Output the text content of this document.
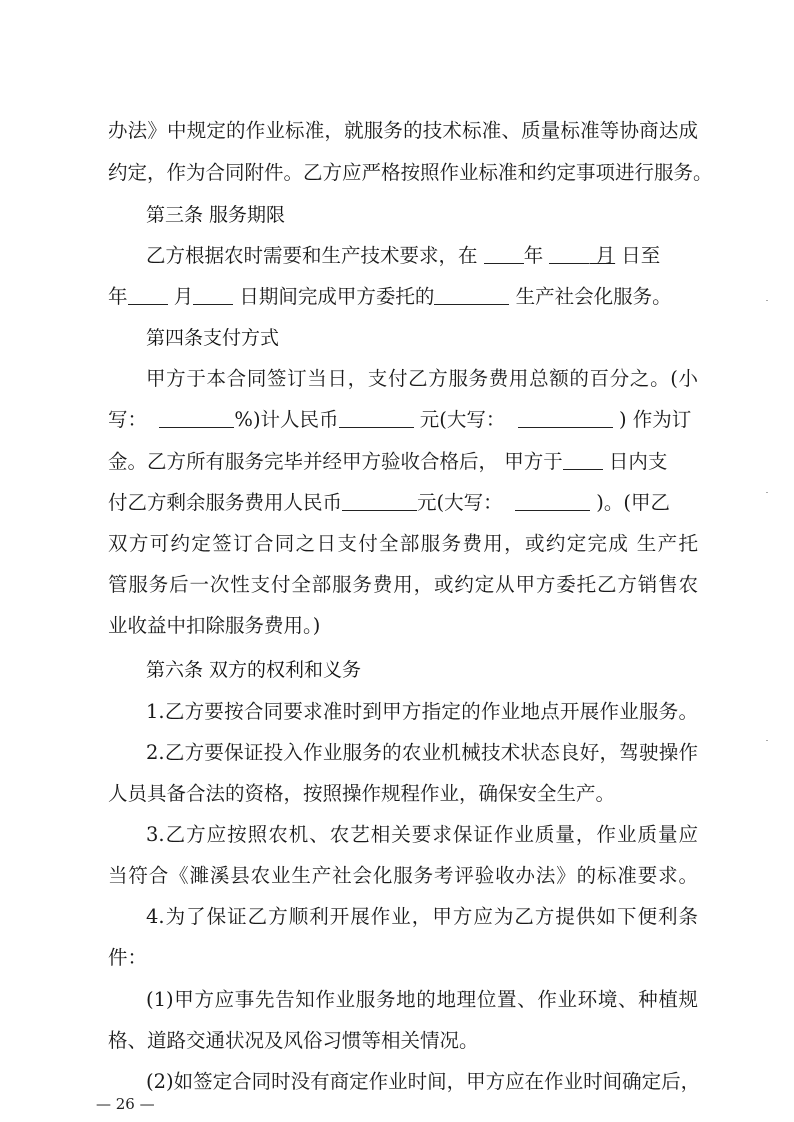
办法》中规定的作业标准，就服务的技术标准、质量标准等协商达成
约定，作为合同附件。乙方应严格按照作业标准和约定事项进行服务。
第三条 服务期限
乙方根据农时需要和生产技术要求，在 年  月 日至
年 月 日期间完成甲方委托的	生产社会化服务。
第四条支付方式
甲方于本合同签订当日，支付乙方服务费用总额的百分之。(小
写：	%)计人民币	元(大写：	) 作为订
金。乙方所有服务完毕并经甲方验收合格后， 甲方于 日内支
付乙方剩余服务费用人民币	元(大写：	)。(甲乙
双方可约定签订合同之日支付全部服务费用，或约定完成 生产托
管服务后一次性支付全部服务费用，或约定从甲方委托乙方销售农
业收益中扣除服务费用。)
第六条 双方的权利和义务
1.乙方要按合同要求准时到甲方指定的作业地点开展作业服务。
2.乙方要保证投入作业服务的农业机械技术状态良好，驾驶操作
人员具备合法的资格，按照操作规程作业，确保安全生产。
3.乙方应按照农机、农艺相关要求保证作业质量，作业质量应
当符合《濉溪县农业生产社会化服务考评验收办法》的标准要求。
4.为了保证乙方顺利开展作业，甲方应为乙方提供如下便利条
件：
(1)甲方应事先告知作业服务地的地理位置、作业环境、种植规
格、道路交通状况及风俗习惯等相关情况。
(2)如签定合同时没有商定作业时间，甲方应在作业时间确定后，
— 26 —
